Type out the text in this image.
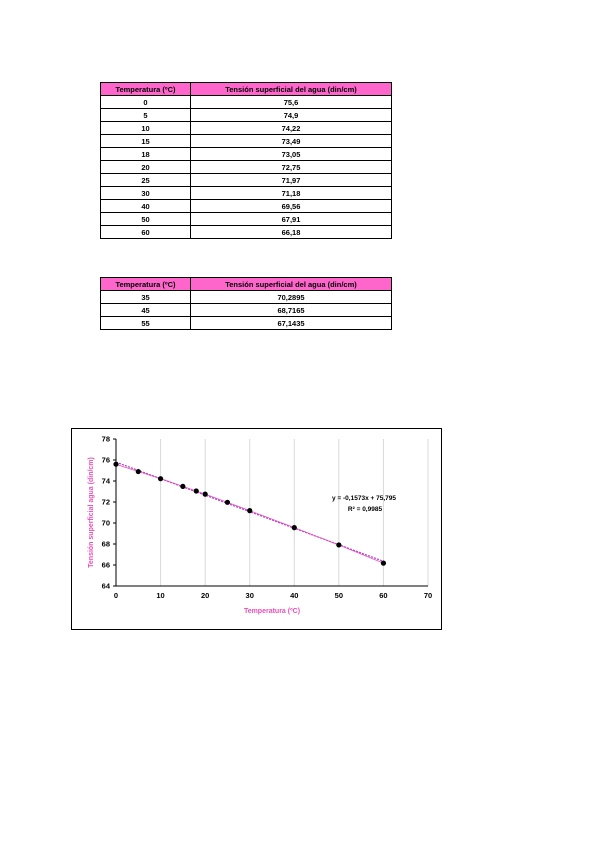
Temperatura (ºC)	Tensión superficial del agua (din/cm)
0	75,6
5	74,9
10	74,22
15	73,49
18	73,05
20	72,75
25	71,97
30	71,18
40	69,56
50	67,91
60	66,18
Temperatura (ºC)	Tensión superficial del agua (din/cm)
35	70,2895
45	68,7165
55	67,1435
0	10	20	30	40	50	60	70
64
66
68
70
72
74
76
78
y = -0,1573x + 75,795
R² = 0,9985
Temperatura (ºC)
Tensión superficial agua (din/cm)
